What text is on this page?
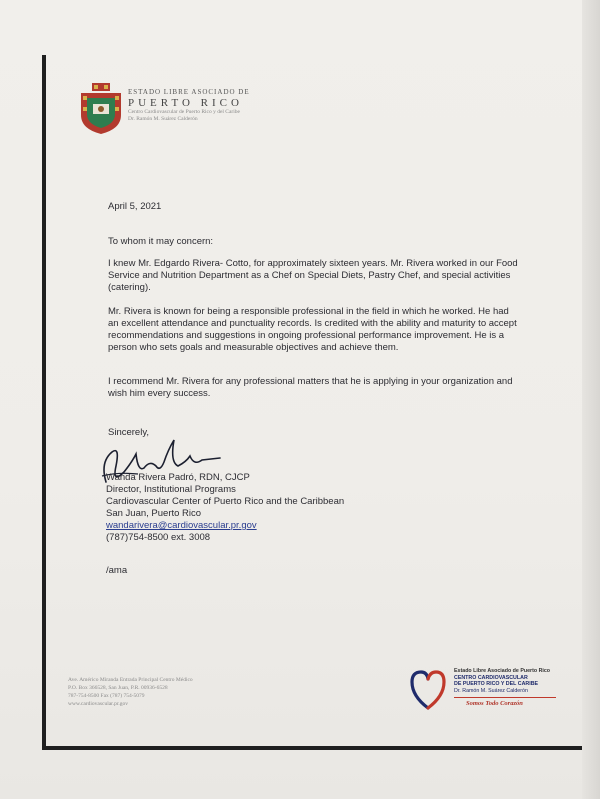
ESTADO LIBRE ASOCIADO DE
PUERTO RICO
Centro Cardiovascular de Puerto Rico y del Caribe
Dr. Ramón M. Suárez Calderón
April 5, 2021
To whom it may concern:
I knew Mr. Edgardo Rivera- Cotto, for approximately sixteen years. Mr. Rivera worked in our Food Service and Nutrition Department as a Chef on Special Diets, Pastry Chef, and special activities (catering).
Mr. Rivera is known for being a responsible professional in the field in which he worked. He had an excellent attendance and punctuality records. Is credited with the ability and maturity to accept recommendations and suggestions in ongoing professional performance improvement. He is a person who sets goals and measurable objectives and achieve them.
I recommend Mr. Rivera for any professional matters that he is applying in your organization and wish him every success.
Sincerely,
Wanda Rivera Padró, RDN, CJCP
Director, Institutional Programs
Cardiovascular Center of Puerto Rico and the Caribbean
San Juan, Puerto Rico
wandarivera@cardiovascular.pr.gov
(787)754-8500 ext. 3008
/ama
Ave. Américo Miranda Entrada Principal Centro Médico
P.O. Box 366528, San Juan, P.R. 00936-6528
787-754-8500 Fax (787) 754-5079
www.cardiovascular.pr.gov
Estado Libre Asociado de Puerto Rico
CENTRO CARDIOVASCULAR
DE PUERTO RICO Y DEL CARIBE
Dr. Ramón M. Suárez Calderón
Somos Todo Corazón
